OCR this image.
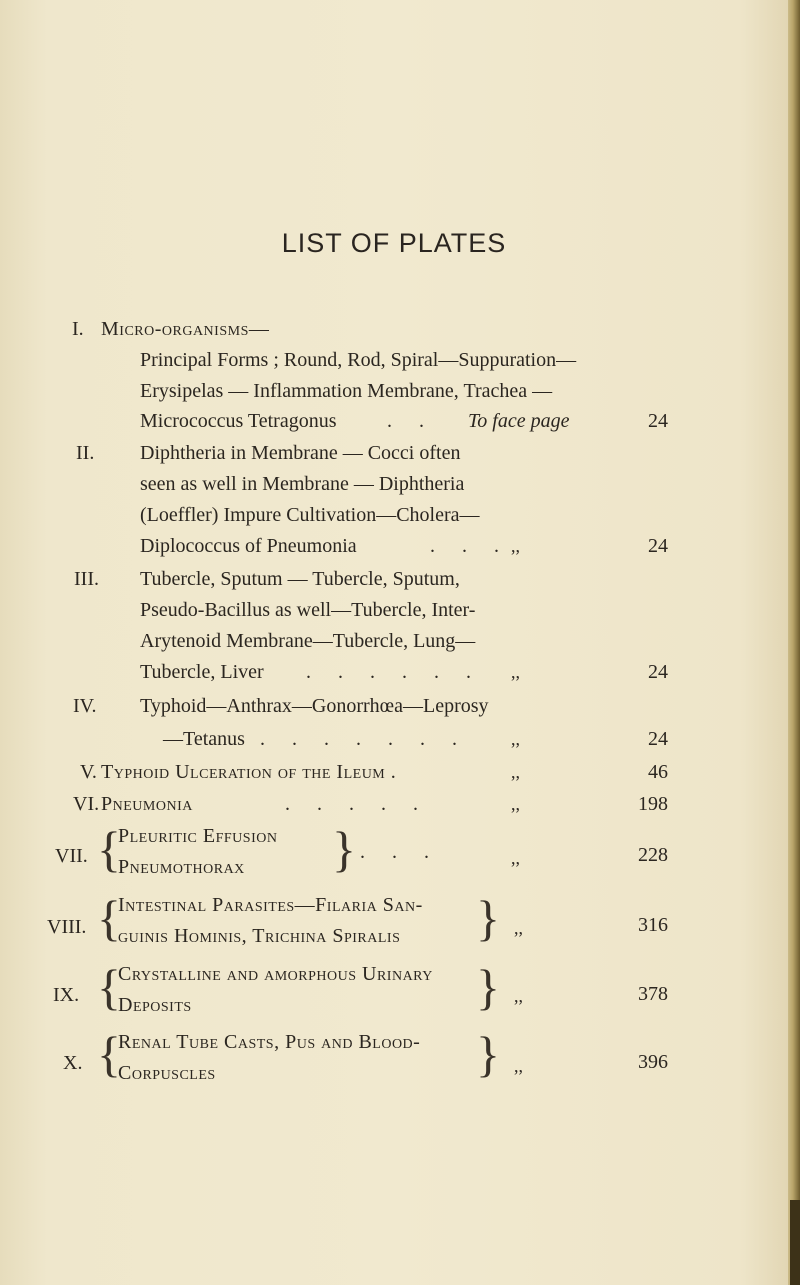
LIST OF PLATES
I. Micro-organisms—
Principal Forms ; Round, Rod, Spiral—Suppuration—
Erysipelas — Inflammation Membrane, Trachea —
Micrococcus Tetragonus	. . To face page	24
II. Diphtheria in Membrane — Cocci often
seen as well in Membrane — Diphtheria
(Loeffler) Impure Cultivation—Cholera—
Diplococcus of Pneumonia	. . . ,,	24
III. Tubercle, Sputum — Tubercle, Sputum,
Pseudo-Bacillus as well—Tubercle, Inter-
Arytenoid Membrane—Tubercle, Lung—
Tubercle, Liver . . . . . . ,,	24
IV. Typhoid—Anthrax—Gonorrhœa—Leprosy
—Tetanus . . . . . . . ,,	24
V. Typhoid Ulceration of the Ileum .	,,	46
VI. Pneumonia	. . . . .	,,	198
VII. {
Pleuritic Effusion
Pneumothorax } . . .	,,	228
VIII. {
Intestinal Parasites—Filaria San-
guinis Hominis, Trichina Spiralis } ,,	316
IX. {
Crystalline and amorphous Urinary
Deposits	} ,,	378
X. {
Renal Tube Casts, Pus and Blood-
Corpuscles	} ,,	396
